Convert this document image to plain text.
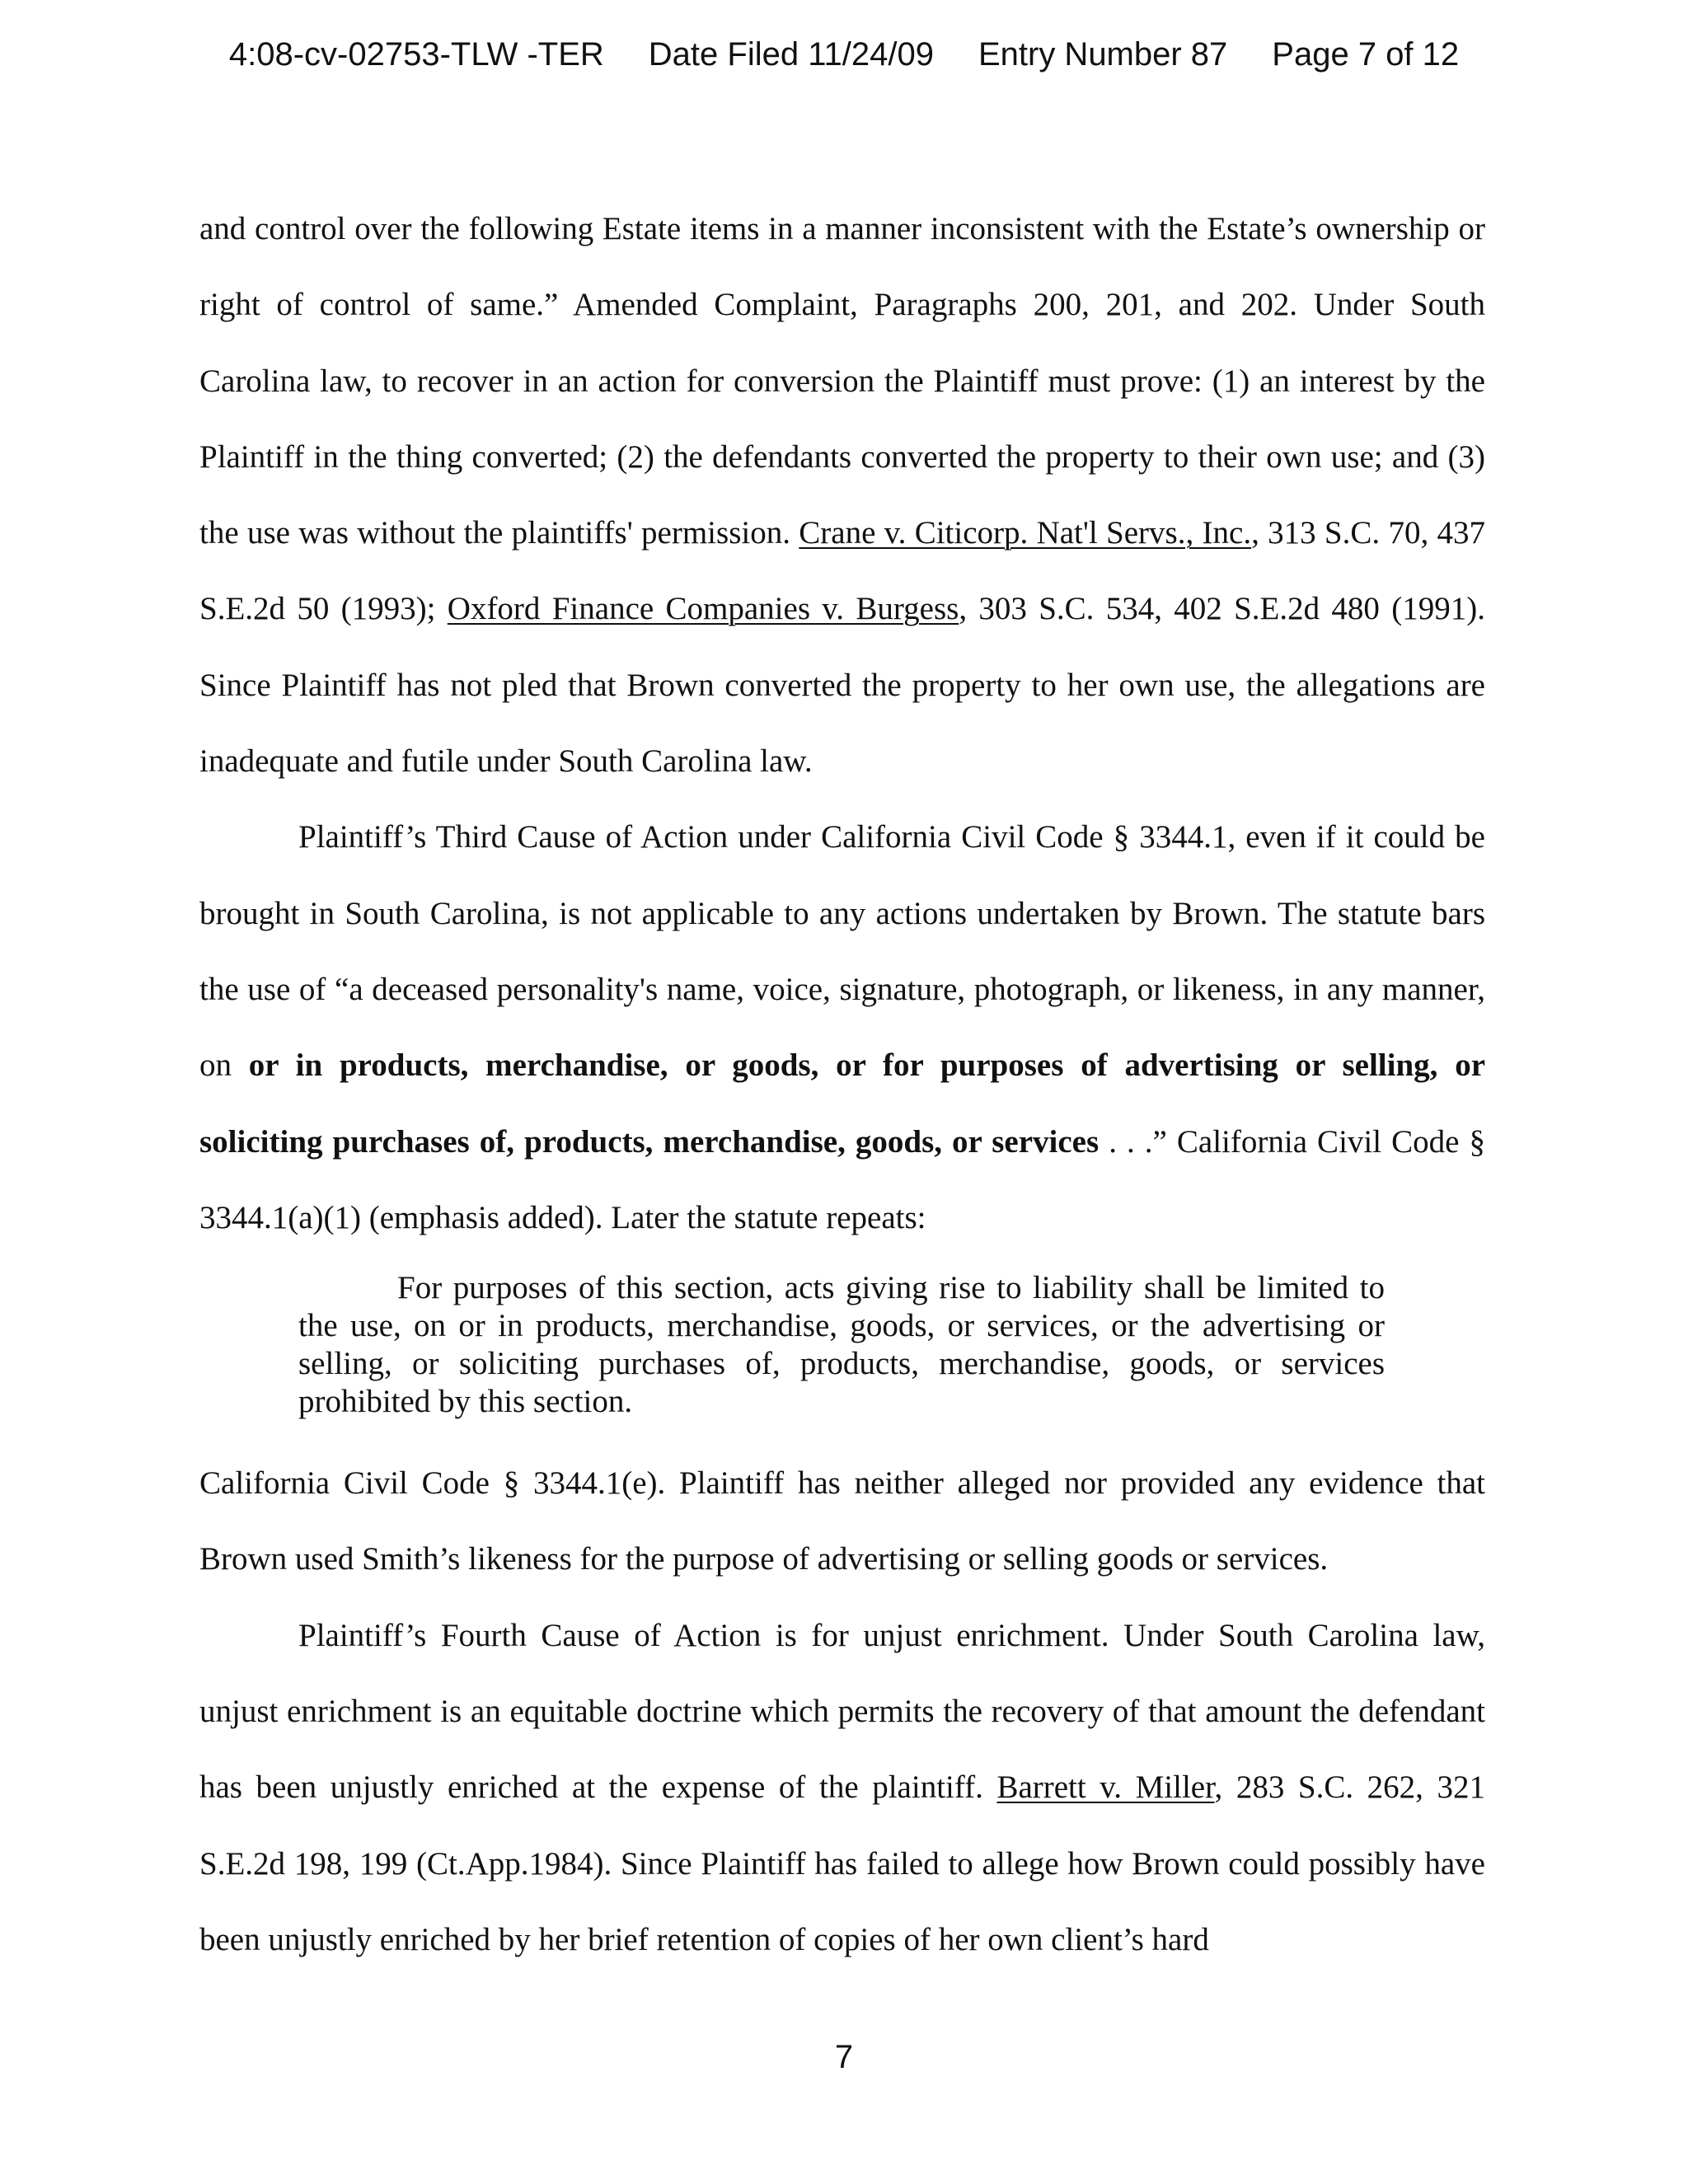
4:08-cv-02753-TLW -TER Date Filed 11/24/09 Entry Number 87 Page 7 of 12

and control over the following Estate items in a manner inconsistent with the Estate’s ownership or right of control of same.” Amended Complaint, Paragraphs 200, 201, and 202. Under South Carolina law, to recover in an action for conversion the Plaintiff must prove: (1) an interest by the Plaintiff in the thing converted; (2) the defendants converted the property to their own use; and (3) the use was without the plaintiffs' permission. Crane v. Citicorp. Nat'l Servs., Inc., 313 S.C. 70, 437 S.E.2d 50 (1993); Oxford Finance Companies v. Burgess, 303 S.C. 534, 402 S.E.2d 480 (1991). Since Plaintiff has not pled that Brown converted the property to her own use, the allegations are inadequate and futile under South Carolina law.

Plaintiff’s Third Cause of Action under California Civil Code § 3344.1, even if it could be brought in South Carolina, is not applicable to any actions undertaken by Brown. The statute bars the use of “a deceased personality's name, voice, signature, photograph, or likeness, in any manner, on or in products, merchandise, or goods, or for purposes of advertising or selling, or soliciting purchases of, products, merchandise, goods, or services . . .” California Civil Code § 3344.1(a)(1) (emphasis added). Later the statute repeats:

For purposes of this section, acts giving rise to liability shall be limited to the use, on or in products, merchandise, goods, or services, or the advertising or selling, or soliciting purchases of, products, merchandise, goods, or services prohibited by this section.

California Civil Code § 3344.1(e). Plaintiff has neither alleged nor provided any evidence that Brown used Smith’s likeness for the purpose of advertising or selling goods or services.

Plaintiff’s Fourth Cause of Action is for unjust enrichment. Under South Carolina law, unjust enrichment is an equitable doctrine which permits the recovery of that amount the defendant has been unjustly enriched at the expense of the plaintiff. Barrett v. Miller, 283 S.C. 262, 321 S.E.2d 198, 199 (Ct.App.1984). Since Plaintiff has failed to allege how Brown could possibly have been unjustly enriched by her brief retention of copies of her own client’s hard

7
